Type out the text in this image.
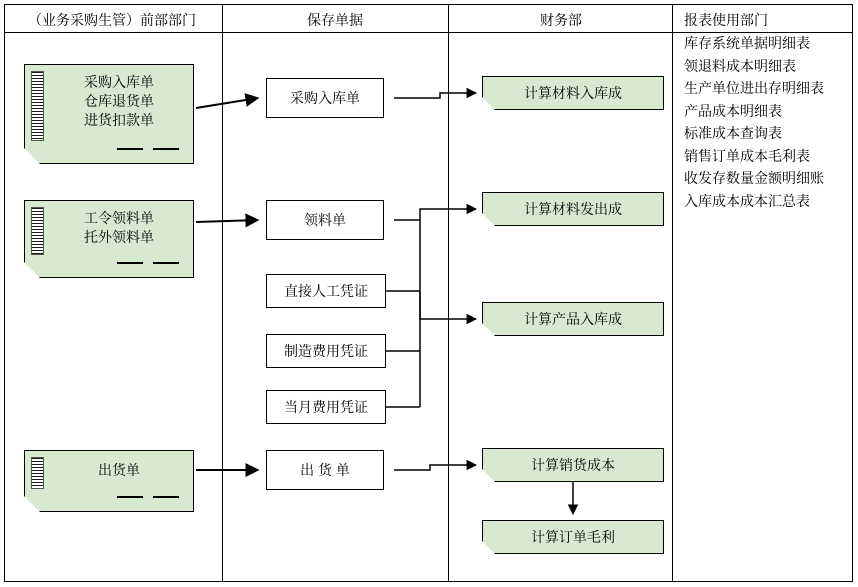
（业务采购生管）前部部门	保存单据	财务部	报表使用部门
采购入库单
仓库退货单
进货扣款单
工令领料单
托外领料单
出货单
采购入库单
领料单
直接人工凭证
制造费用凭证
当月费用凭证
出 货 单
计算材料入库成
计算材料发出成
计算产品入库成
计算销货成本
计算订单毛利
库存系统单据明细表
领退料成本明细表
生产单位进出存明细表
产品成本明细表
标准成本查询表
销售订单成本毛利表
收发存数量金额明细账
入库成本成本汇总表
